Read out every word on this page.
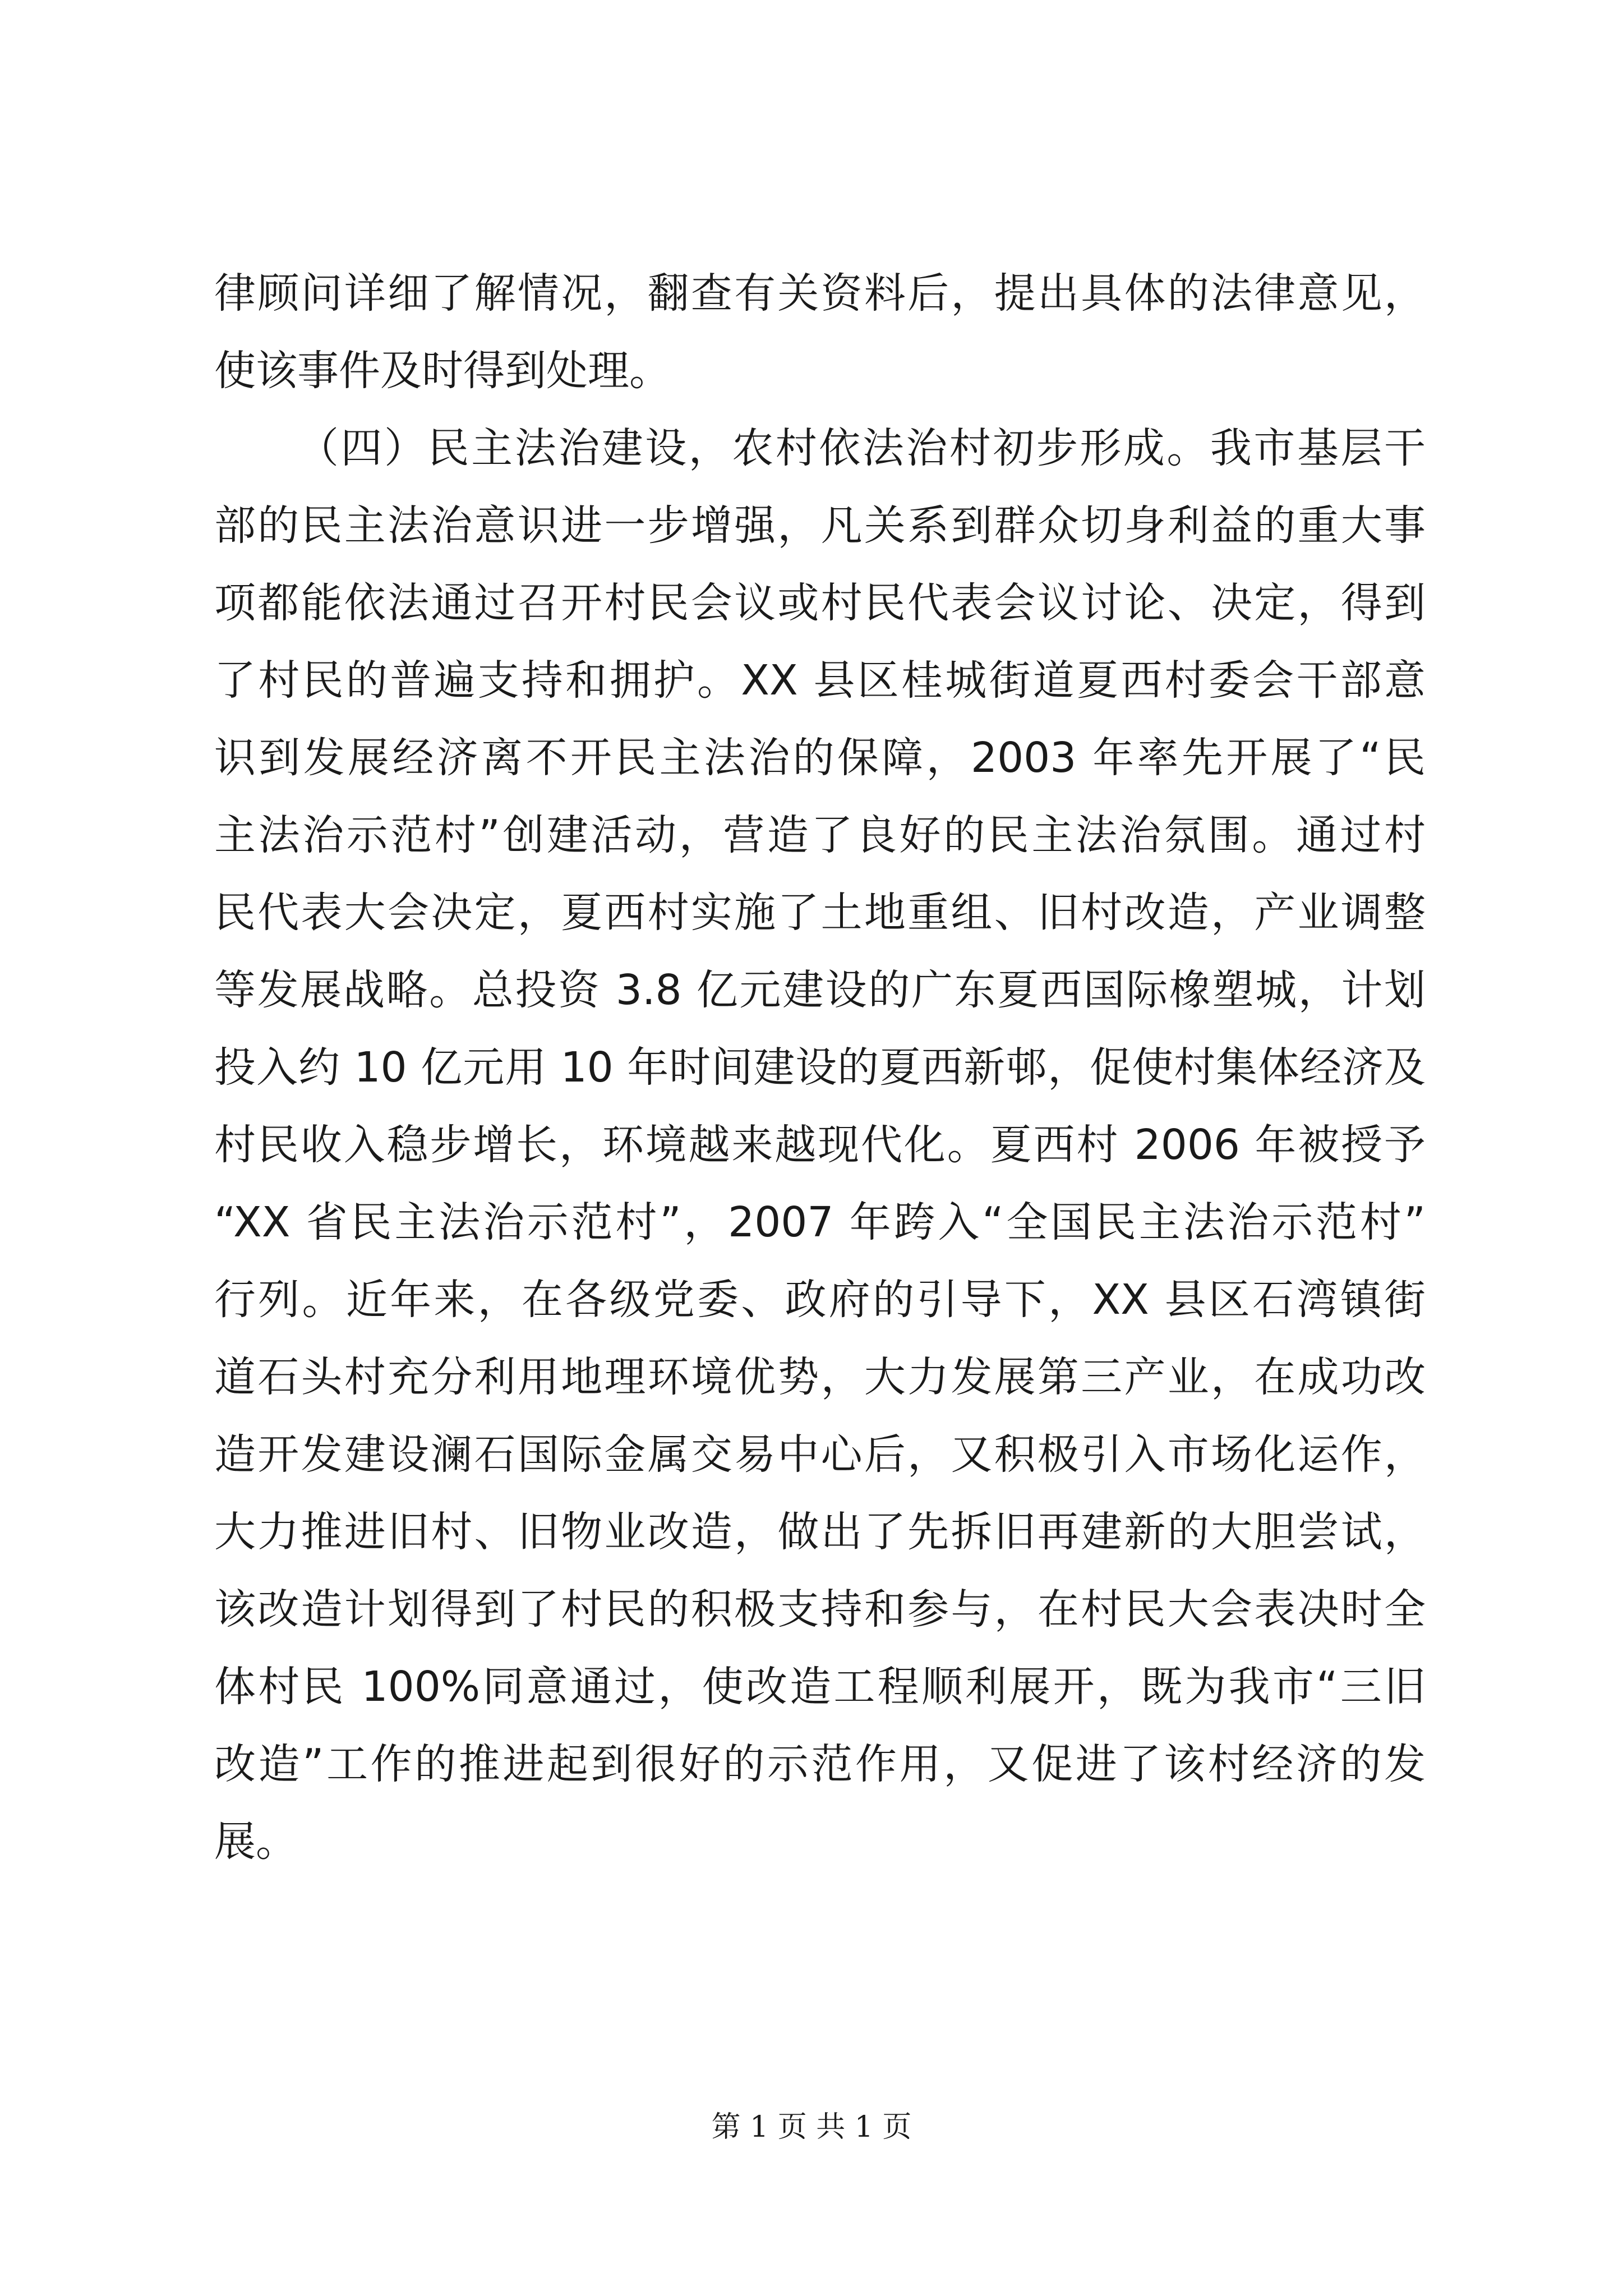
律顾问详细了解情况，翻查有关资料后，提出具体的法律意见，
使该事件及时得到处理。
（四）民主法治建设，农村依法治村初步形成。我市基层干
部的民主法治意识进一步增强，凡关系到群众切身利益的重大事
项都能依法通过召开村民会议或村民代表会议讨论、决定，得到
了村民的普遍支持和拥护。XX 县区桂城街道夏西村委会干部意
识到发展经济离不开民主法治的保障，2003 年率先开展了“民
主法治示范村”创建活动，营造了良好的民主法治氛围。通过村
民代表大会决定，夏西村实施了土地重组、旧村改造，产业调整
等发展战略。总投资 3.8 亿元建设的广东夏西国际橡塑城，计划
投入约 10 亿元用 10 年时间建设的夏西新邨，促使村集体经济及
村民收入稳步增长，环境越来越现代化。夏西村 2006 年被授予
“XX 省民主法治示范村”，2007 年跨入“全国民主法治示范村”
行列。近年来，在各级党委、政府的引导下，XX 县区石湾镇街
道石头村充分利用地理环境优势，大力发展第三产业，在成功改
造开发建设澜石国际金属交易中心后，又积极引入市场化运作，
大力推进旧村、旧物业改造，做出了先拆旧再建新的大胆尝试，
该改造计划得到了村民的积极支持和参与，在村民大会表决时全
体村民 100%同意通过，使改造工程顺利展开，既为我市“三旧
改造”工作的推进起到很好的示范作用，又促进了该村经济的发
展。
第 1 页 共 1 页
